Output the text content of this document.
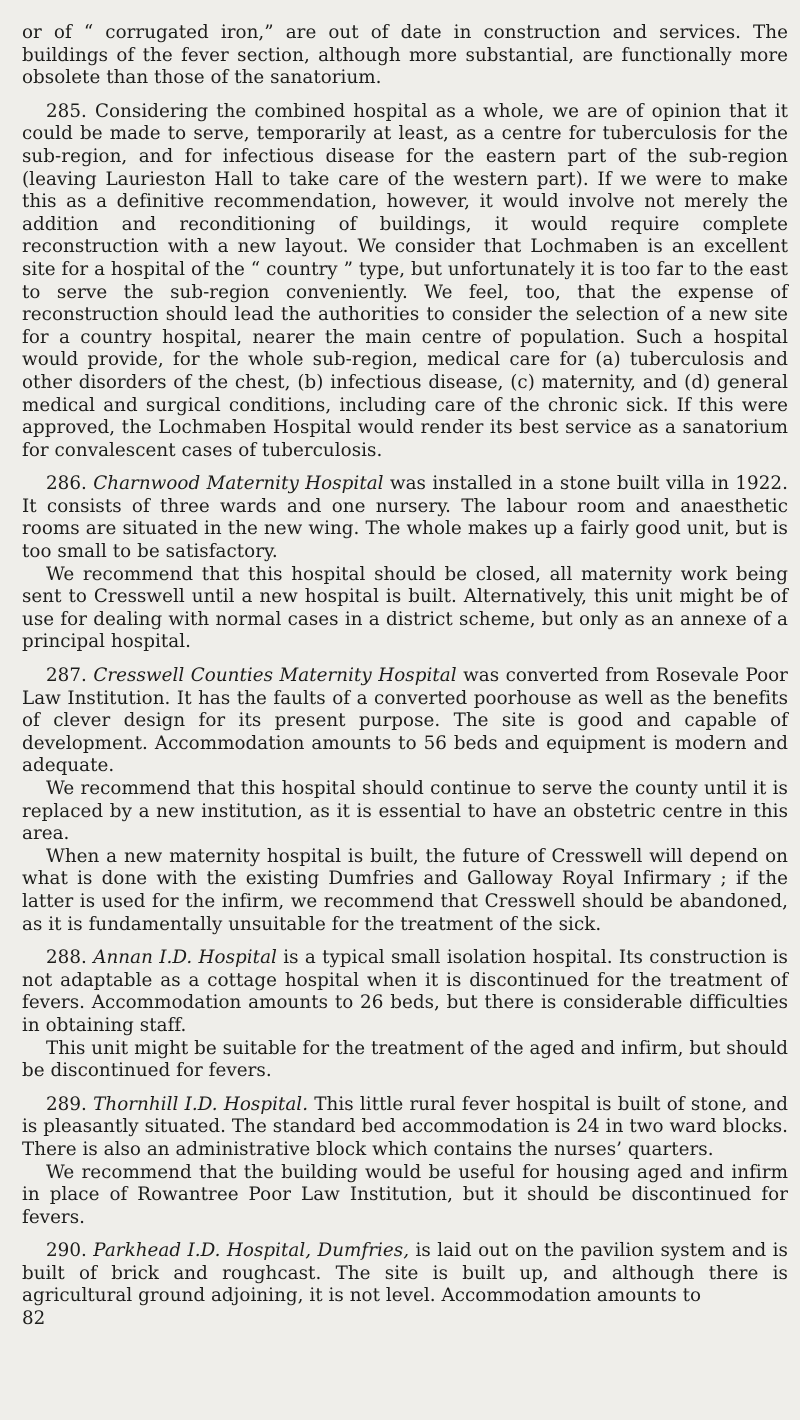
or of “ corrugated iron,” are out of date in construction and services. The buildings of the fever section, although more substantial, are functionally more obsolete than those of the sanatorium.

285. Considering the combined hospital as a whole, we are of opinion that it could be made to serve, temporarily at least, as a centre for tuberculosis for the sub-region, and for infectious disease for the eastern part of the sub-region (leaving Laurieston Hall to take care of the western part). If we were to make this as a definitive recommendation, however, it would involve not merely the addition and reconditioning of buildings, it would require complete reconstruction with a new layout. We consider that Lochmaben is an excellent site for a hospital of the “ country ” type, but unfortunately it is too far to the east to serve the sub-region conveniently. We feel, too, that the expense of reconstruction should lead the authorities to consider the selection of a new site for a country hospital, nearer the main centre of population. Such a hospital would provide, for the whole sub-region, medical care for (a) tuberculosis and other disorders of the chest, (b) infectious disease, (c) maternity, and (d) general medical and surgical conditions, including care of the chronic sick. If this were approved, the Lochmaben Hospital would render its best service as a sanatorium for convalescent cases of tuberculosis.

286. Charnwood Maternity Hospital was installed in a stone built villa in 1922. It consists of three wards and one nursery. The labour room and anaesthetic rooms are situated in the new wing. The whole makes up a fairly good unit, but is too small to be satisfactory.

We recommend that this hospital should be closed, all maternity work being sent to Cresswell until a new hospital is built. Alternatively, this unit might be of use for dealing with normal cases in a district scheme, but only as an annexe of a principal hospital.

287. Cresswell Counties Maternity Hospital was converted from Rosevale Poor Law Institution. It has the faults of a converted poorhouse as well as the benefits of clever design for its present purpose. The site is good and capable of development. Accommodation amounts to 56 beds and equipment is modern and adequate.

We recommend that this hospital should continue to serve the county until it is replaced by a new institution, as it is essential to have an obstetric centre in this area.

When a new maternity hospital is built, the future of Cresswell will depend on what is done with the existing Dumfries and Galloway Royal Infirmary ; if the latter is used for the infirm, we recommend that Cresswell should be abandoned, as it is fundamentally unsuitable for the treatment of the sick.

288. Annan I.D. Hospital is a typical small isolation hospital. Its construction is not adaptable as a cottage hospital when it is discontinued for the treatment of fevers. Accommodation amounts to 26 beds, but there is considerable difficulties in obtaining staff.

This unit might be suitable for the treatment of the aged and infirm, but should be discontinued for fevers.

289. Thornhill I.D. Hospital. This little rural fever hospital is built of stone, and is pleasantly situated. The standard bed accommodation is 24 in two ward blocks. There is also an administrative block which contains the nurses’ quarters.

We recommend that the building would be useful for housing aged and infirm in place of Rowantree Poor Law Institution, but it should be discontinued for fevers.

290. Parkhead I.D. Hospital, Dumfries, is laid out on the pavilion system and is built of brick and roughcast. The site is built up, and although there is agricultural ground adjoining, it is not level. Accommodation amounts to

82
